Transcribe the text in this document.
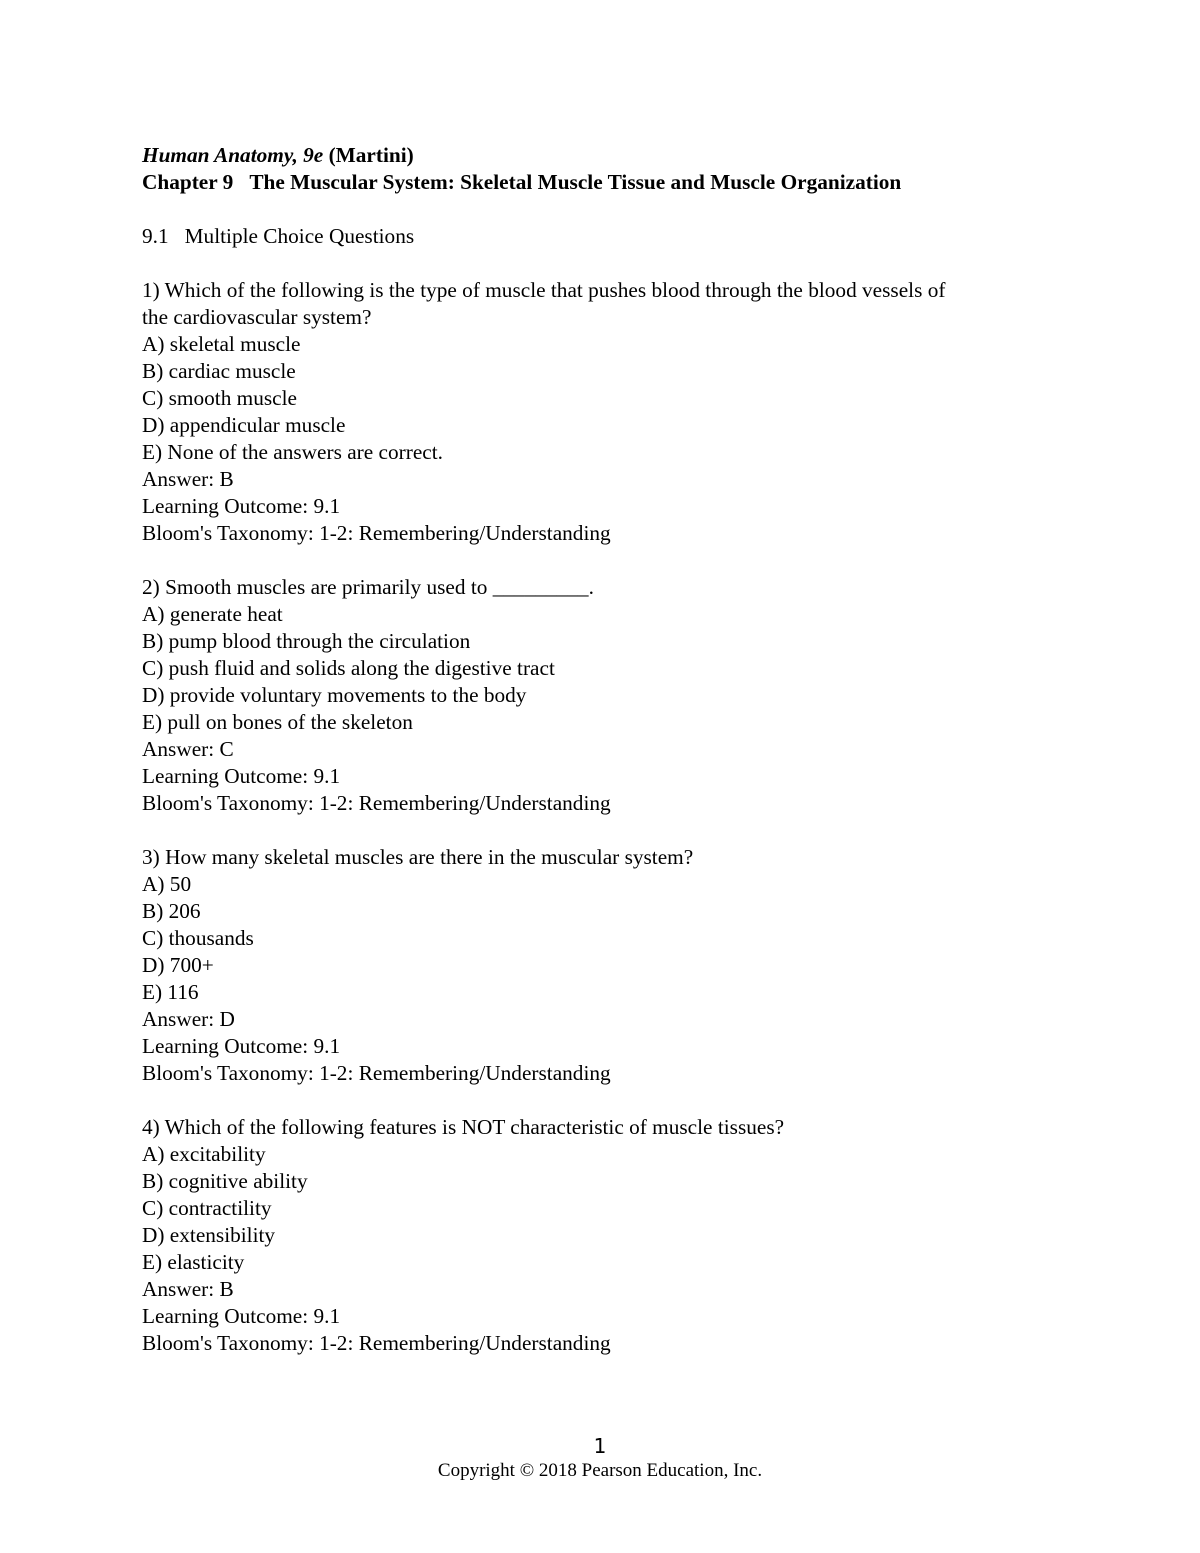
Human Anatomy, 9e (Martini)
Chapter 9 The Muscular System: Skeletal Muscle Tissue and Muscle Organization
9.1 Multiple Choice Questions
1) Which of the following is the type of muscle that pushes blood through the blood vessels of
the cardiovascular system?
A) skeletal muscle
B) cardiac muscle
C) smooth muscle
D) appendicular muscle
E) None of the answers are correct.
Answer: B
Learning Outcome: 9.1
Bloom's Taxonomy: 1-2: Remembering/Understanding
2) Smooth muscles are primarily used to _________.
A) generate heat
B) pump blood through the circulation
C) push fluid and solids along the digestive tract
D) provide voluntary movements to the body
E) pull on bones of the skeleton
Answer: C
Learning Outcome: 9.1
Bloom's Taxonomy: 1-2: Remembering/Understanding
3) How many skeletal muscles are there in the muscular system?
A) 50
B) 206
C) thousands
D) 700+
E) 116
Answer: D
Learning Outcome: 9.1
Bloom's Taxonomy: 1-2: Remembering/Understanding
4) Which of the following features is NOT characteristic of muscle tissues?
A) excitability
B) cognitive ability
C) contractility
D) extensibility
E) elasticity
Answer: B
Learning Outcome: 9.1
Bloom's Taxonomy: 1-2: Remembering/Understanding
1
Copyright © 2018 Pearson Education, Inc.
